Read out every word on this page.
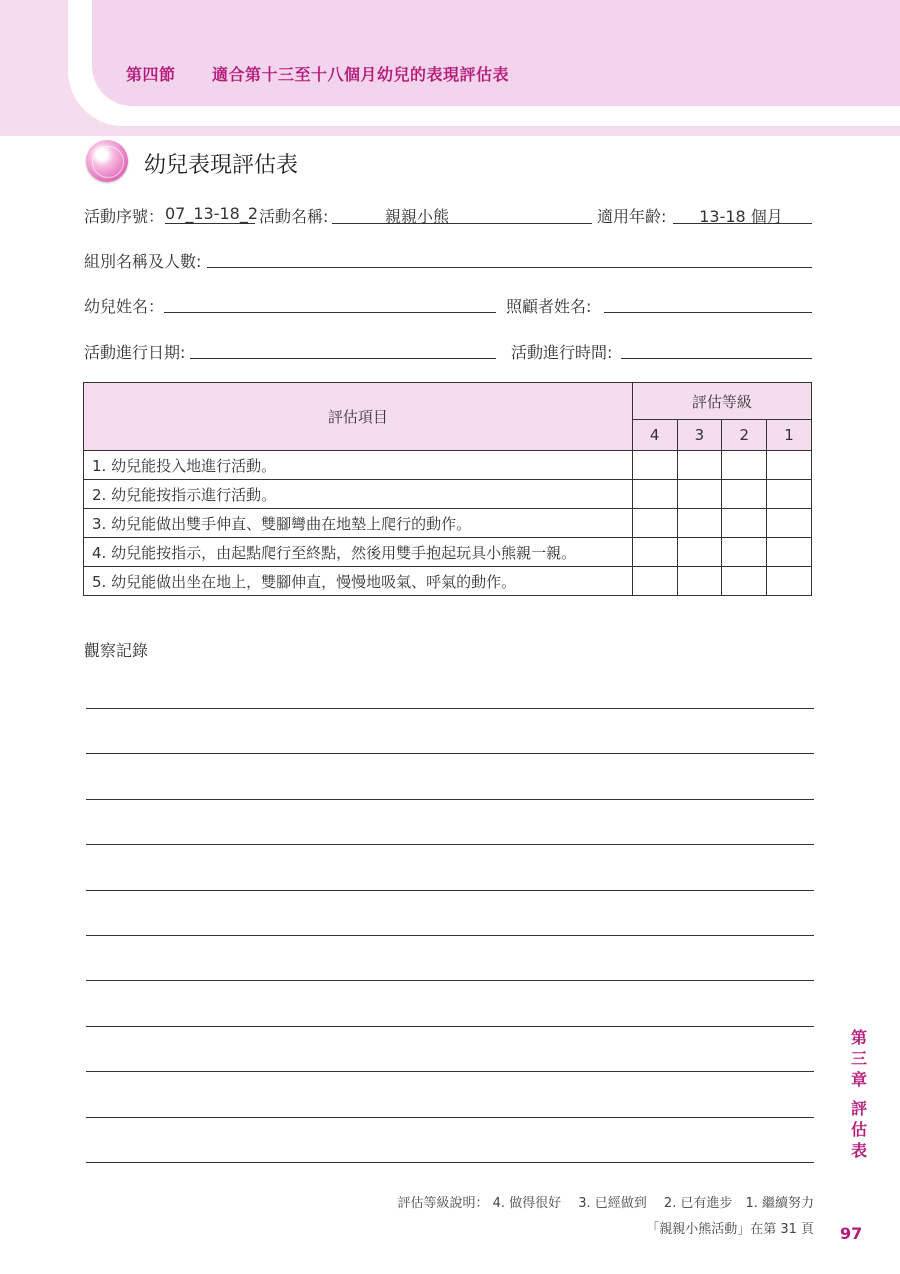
第四節 適合第十三至十八個月幼兒的表現評估表
幼兒表現評估表
活動序號： 07_13-18_2 活動名稱:	親親小熊	適用年齡:	13-18 個月
組別名稱及人數:
幼兒姓名：	照顧者姓名:
活動進行日期:	活動進行時間:
評估項目	評估等級			
	4	3	2	1
1. 幼兒能投入地進行活動。				
2. 幼兒能按指示進行活動。				
3. 幼兒能做出雙手伸直、雙腳彎曲在地墊上爬行的動作。				
4. 幼兒能按指示，由起點爬行至終點，然後用雙手抱起玩具小熊親一親。				
5. 幼兒能做出坐在地上，雙腳伸直，慢慢地吸氣、呼氣的動作。				
觀察記錄
第三章
評估表
評估等級說明： 4. 做得很好　 3. 已經做到　 2. 已有進步　1. 繼續努力
「親親小熊活動」在第 31 頁 97
